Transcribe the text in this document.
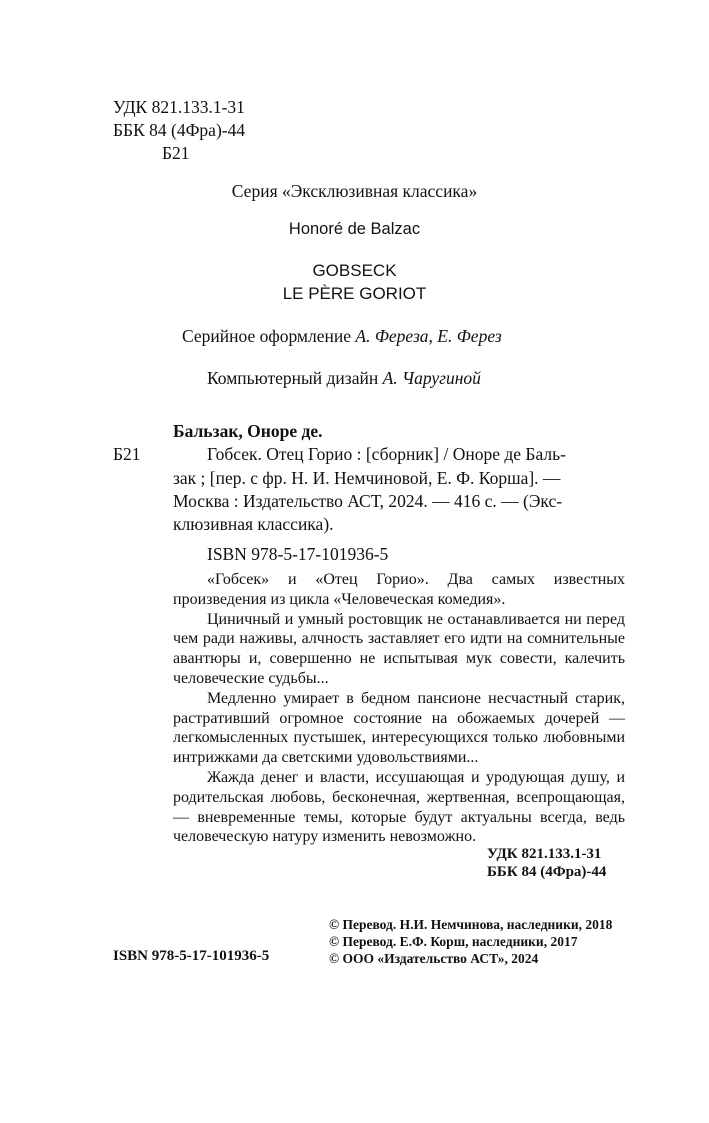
УДК 821.133.1-31
ББК 84 (4Фра)-44
Б21
Серия «Эксклюзивная классика»
Honoré de Balzac
GOBSECK
LE PÈRE GORIOT
Серийное оформление А. Фереза, Е. Ферез
Компьютерный дизайн А. Чаругиной
Бальзак, Оноре де.
Б21	Гобсек. Отец Горио : [сборник] / Оноре де Баль-
зак ; [пер. с фр. Н. И. Немчиновой, Е. Ф. Корша]. —
Москва : Издательство АСТ, 2024. — 416 с. — (Экс-
клюзивная классика).
ISBN 978-5-17-101936-5

«Гобсек» и «Отец Горио». Два самых известных произведения из цикла «Человеческая комедия».

Циничный и умный ростовщик не останавливается ни перед чем ради наживы, алчность заставляет его идти на сомнительные авантюры и, совершенно не испытывая мук совести, калечить человеческие судьбы...

Медленно умирает в бедном пансионе несчастный старик, растративший огромное состояние на обожаемых дочерей — легкомысленных пустышек, интересующихся только любовными интрижками да светскими удовольствиями...

Жажда денег и власти, иссушающая и уродующая душу, и родительская любовь, бесконечная, жертвенная, всепрощающая, — вневременные темы, которые будут актуальны всегда, ведь человеческую натуру изменить невозможно.

УДК 821.133.1-31
ББК 84 (4Фра)-44
© Перевод. Н.И. Немчинова, наследники, 2018
© Перевод. Е.Ф. Корш, наследники, 2017
© ООО «Издательство АСТ», 2024
ISBN 978-5-17-101936-5
